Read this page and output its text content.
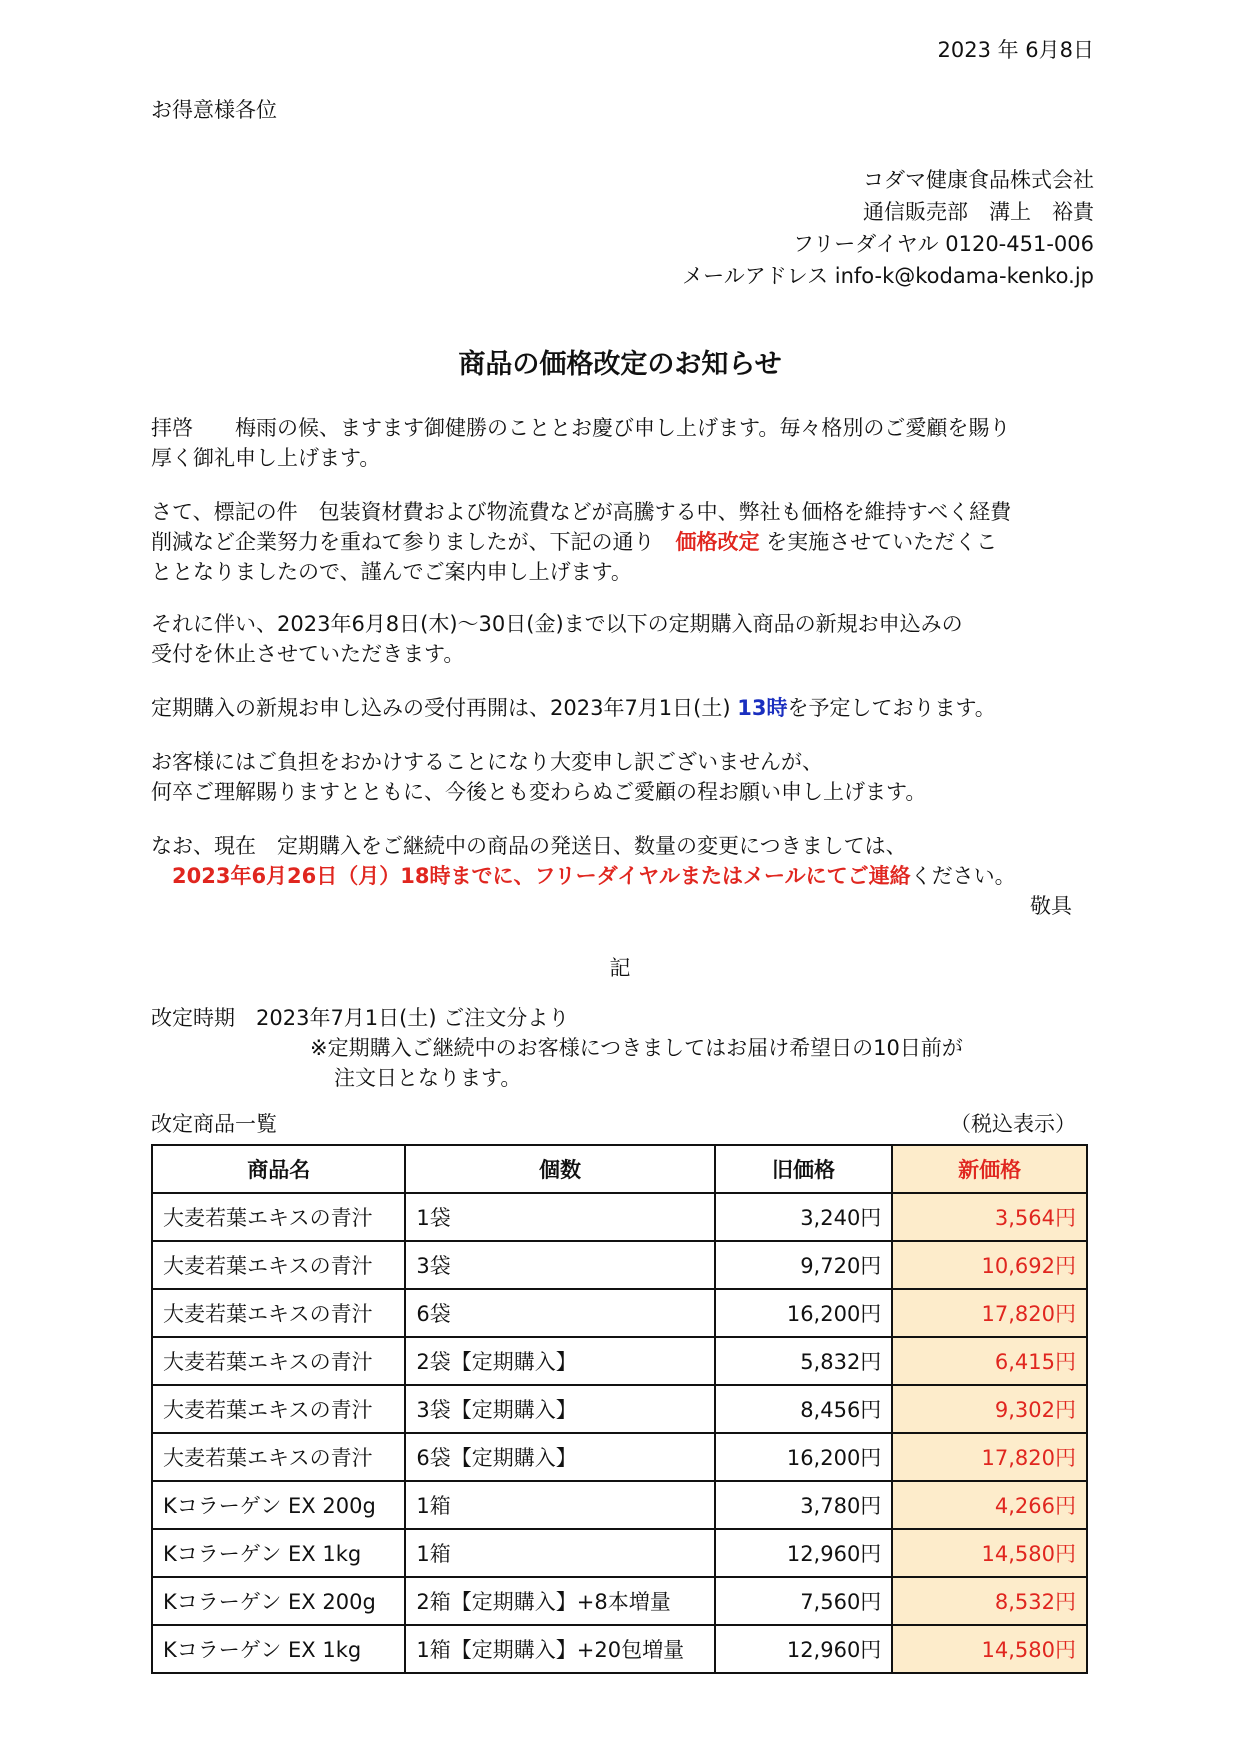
2023 年 6月8日
お得意様各位
コダマ健康食品株式会社
通信販売部　溝上　裕貴
フリーダイヤル 0120-451-006
メールアドレス info-k@kodama-kenko.jp
商品の価格改定のお知らせ
拝啓　　梅雨の候、ますます御健勝のこととお慶び申し上げます。毎々格別のご愛顧を賜り
厚く御礼申し上げます。
さて、標記の件　包装資材費および物流費などが高騰する中、弊社も価格を維持すべく経費
削減など企業努力を重ねて参りましたが、下記の通り　価格改定 を実施させていただくこ
ととなりましたので、謹んでご案内申し上げます。
それに伴い、2023年6月8日(木)～30日(金)まで以下の定期購入商品の新規お申込みの
受付を休止させていただきます。
定期購入の新規お申し込みの受付再開は、2023年7月1日(土) 13時を予定しております。
お客様にはご負担をおかけすることになり大変申し訳ございませんが、
何卒ご理解賜りますとともに、今後とも変わらぬご愛顧の程お願い申し上げます。
なお、現在　定期購入をご継続中の商品の発送日、数量の変更につきましては、
2023年6月26日（月）18時までに、フリーダイヤルまたはメールにてご連絡ください。
敬具
記
改定時期　2023年7月1日(土) ご注文分より
※定期購入ご継続中のお客様につきましてはお届け希望日の10日前が
注文日となります。
改定商品一覧	（税込表示）
商品名	個数	旧価格	新価格
大麦若葉エキスの青汁	1袋	3,240円	3,564円
大麦若葉エキスの青汁	3袋	9,720円	10,692円
大麦若葉エキスの青汁	6袋	16,200円	17,820円
大麦若葉エキスの青汁	2袋【定期購入】	5,832円	6,415円
大麦若葉エキスの青汁	3袋【定期購入】	8,456円	9,302円
大麦若葉エキスの青汁	6袋【定期購入】	16,200円	17,820円
Kコラーゲン EX 200g	1箱	3,780円	4,266円
Kコラーゲン EX 1kg	1箱	12,960円	14,580円
Kコラーゲン EX 200g	2箱【定期購入】+8本増量	7,560円	8,532円
Kコラーゲン EX 1kg	1箱【定期購入】+20包増量	12,960円	14,580円
